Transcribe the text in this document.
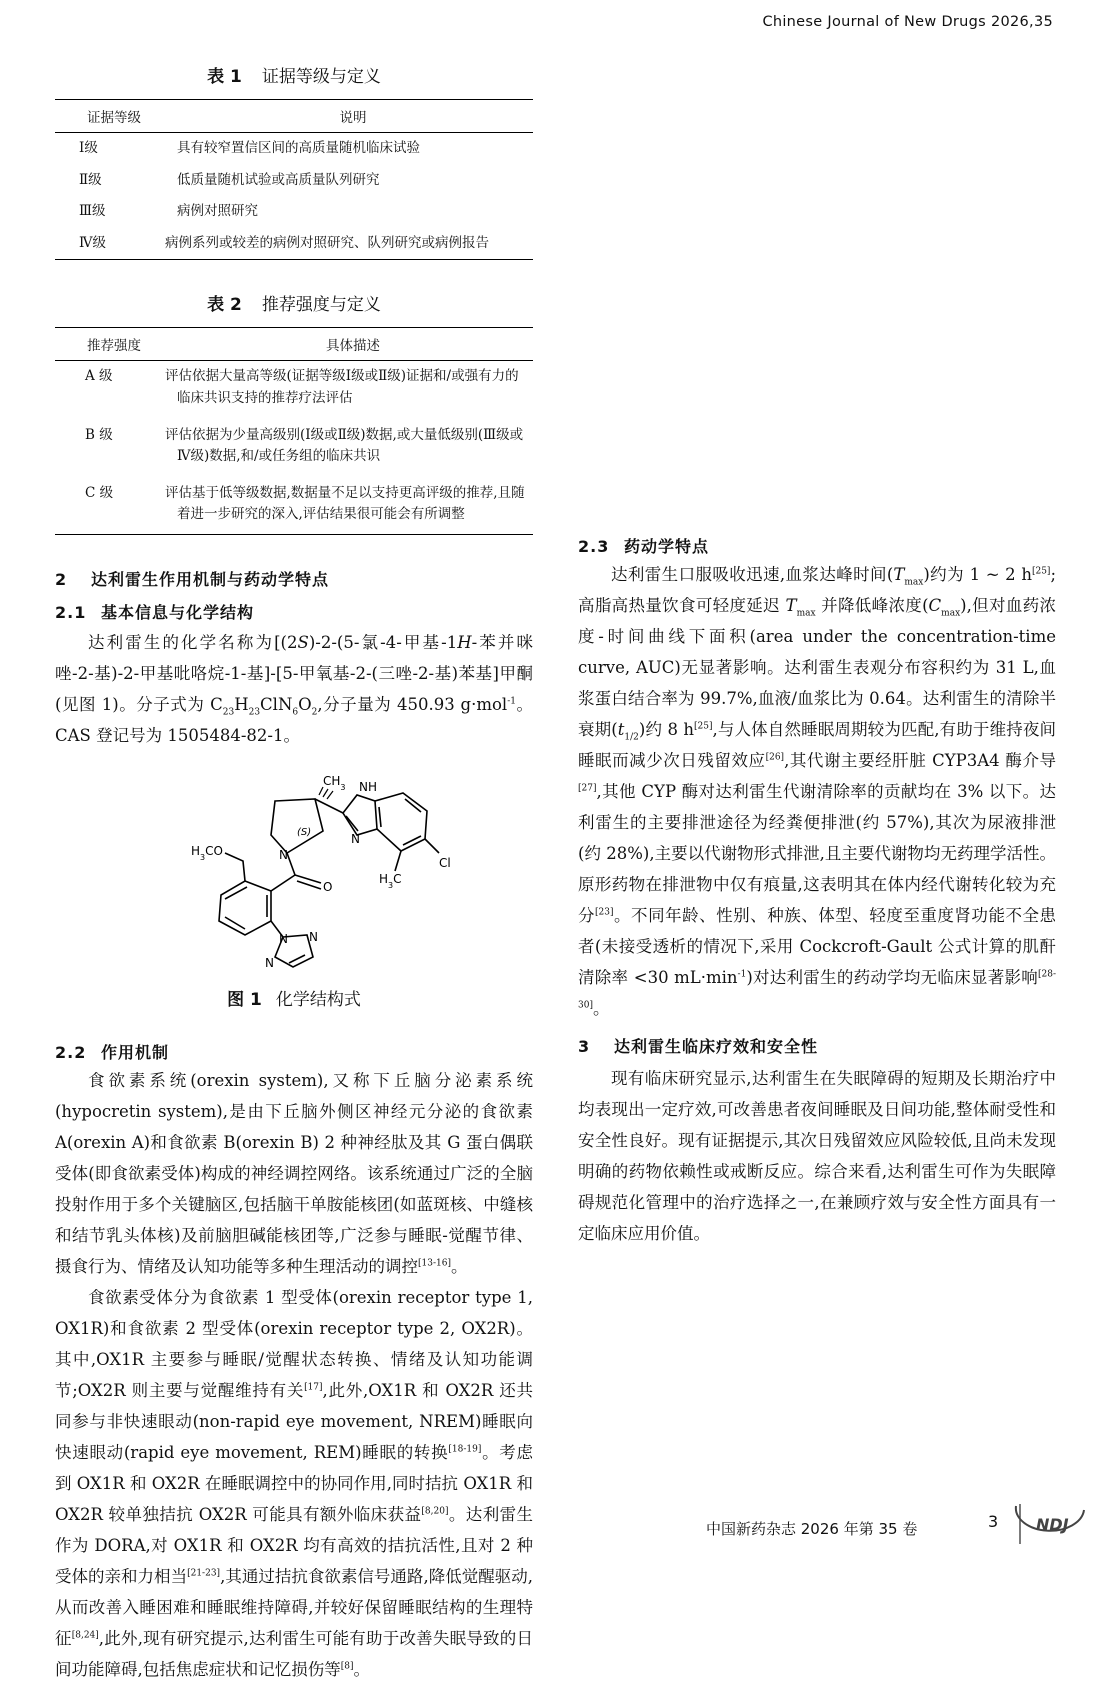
Chinese Journal of New Drugs 2026,35
表 1 证据等级与定义
证据等级	说明
Ⅰ级	具有较窄置信区间的高质量随机临床试验
Ⅱ级	低质量随机试验或高质量队列研究
Ⅲ级	病例对照研究
Ⅳ级	病例系列或较差的病例对照研究、队列研究或病例报告
表 2 推荐强度与定义
推荐强度	具体描述
A 级	评估依据大量高等级(证据等级Ⅰ级或Ⅱ级)证据和/或强有力的临床共识支持的推荐疗法评估
B 级	评估依据为少量高级别(Ⅰ级或Ⅱ级)数据,或大量低级别(Ⅲ级或Ⅳ级)数据,和/或任务组的临床共识
C 级	评估基于低等级数据,数据量不足以支持更高评级的推荐,且随着进一步研究的深入,评估结果很可能会有所调整
2 达利雷生作用机制与药动学特点
2.1 基本信息与化学结构

达利雷生的化学名称为[(2S)-2-(5-氯-4-甲基-1H-苯并咪唑-2-基)-2-甲基吡咯烷-1-基]-[5-甲氧基-2-(三唑-2-基)苯基]甲酮(见图 1)。分子式为 $C_{23}H_{23}ClN_6O_2$,分子量为 450.93 g·mol$^{-1}$。CAS 登记号为 1505484-82-1。

$CH_3$ NH
(S)
N
N
O
$H_3CO$
$H_3C$
Cl
N
N
N
图 1 化学结构式
2.2 作用机制

食欲素系统(orexin system),又称下丘脑分泌素系统(hypocretin system),是由下丘脑外侧区神经元分泌的食欲素 A(orexin A)和食欲素 B(orexin B) 2 种神经肽及其 G 蛋白偶联受体(即食欲素受体)构成的神经调控网络。该系统通过广泛的全脑投射作用于多个关键脑区,包括脑干单胺能核团(如蓝斑核、中缝核和结节乳头体核)及前脑胆碱能核团等,广泛参与睡眠-觉醒节律、摄食行为、情绪及认知功能等多种生理活动的调控[13-16]。

食欲素受体分为食欲素 1 型受体(orexin receptor type 1, OX1R)和食欲素 2 型受体(orexin receptor type 2, OX2R)。其中,OX1R 主要参与睡眠/觉醒状态转换、情绪及认知功能调节;OX2R 则主要与觉醒维持有关[17],此外,OX1R 和 OX2R 还共同参与非快速眼动(non-rapid eye movement, NREM)睡眠向快速眼动(rapid eye movement, REM)睡眠的转换[18-19]。考虑到 OX1R 和 OX2R 在睡眠调控中的协同作用,同时拮抗 OX1R 和 OX2R 较单独拮抗 OX2R 可能具有额外临床获益[8,20]。达利雷生作为 DORA,对 OX1R 和 OX2R 均有高效的拮抗活性,且对 2 种受体的亲和力相当[21-23],其通过拮抗食欲素信号通路,降低觉醒驱动,从而改善入睡困难和睡眠维持障碍,并较好保留睡眠结构的生理特征[8,24],此外,现有研究提示,达利雷生可能有助于改善失眠导致的日间功能障碍,包括焦虑症状和记忆损伤等[8]。

2.3 药动学特点

达利雷生口服吸收迅速,血浆达峰时间$(T_{max})$约为 1 ~ 2 h[25];高脂高热量饮食可轻度延迟 $T_{max}$ 并降低峰浓度$(C_{max})$,但对血药浓度-时间曲线下面积(area under the concentration-time curve, AUC)无显著影响。达利雷生表观分布容积约为 31 L,血浆蛋白结合率为 99.7%,血液/血浆比为 0.64。达利雷生的清除半衰期$(t_{1/2})$约 8 h[25],与人体自然睡眠周期较为匹配,有助于维持夜间睡眠而减少次日残留效应[26],其代谢主要经肝脏 CYP3A4 酶介导[27],其他 CYP 酶对达利雷生代谢清除率的贡献均在 3% 以下。达利雷生的主要排泄途径为经粪便排泄(约 57%),其次为尿液排泄(约 28%),主要以代谢物形式排泄,且主要代谢物均无药理学活性。原形药物在排泄物中仅有痕量,这表明其在体内经代谢转化较为充分[23]。不同年龄、性别、种族、体型、轻度至重度肾功能不全患者(未接受透析的情况下,采用 Cockcroft-Gault 公式计算的肌酐清除率 <30 $mL\cdot\min^{-1}$)对达利雷生的药动学均无临床显著影响[28-30]。

3 达利雷生临床疗效和安全性

现有临床研究显示,达利雷生在失眠障碍的短期及长期治疗中均表现出一定疗效,可改善患者夜间睡眠及日间功能,整体耐受性和安全性良好。现有证据提示,其次日残留效应风险较低,且尚未发现明确的药物依赖性或戒断反应。综合来看,达利雷生可作为失眠障碍规范化管理中的治疗选择之一,在兼顾疗效与安全性方面具有一定临床应用价值。

3
中国新药杂志 2026 年第 35 卷	NDJ
